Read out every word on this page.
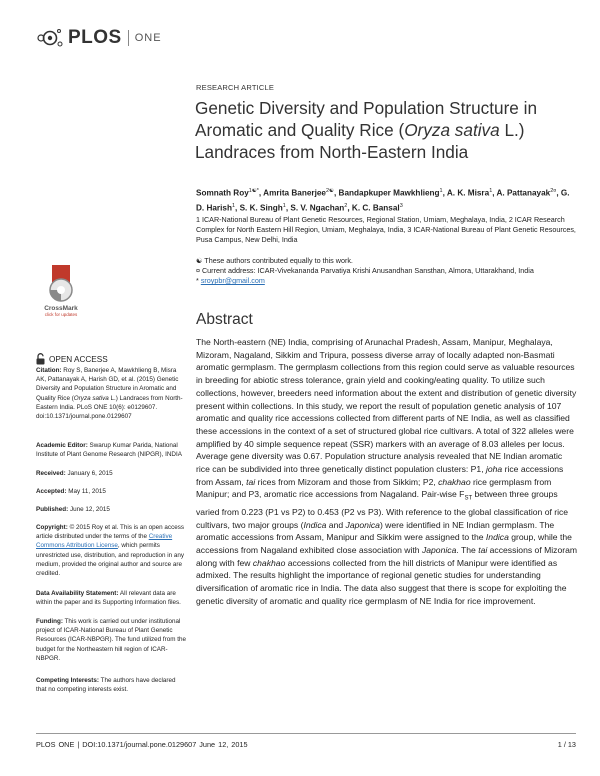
PLOS ONE
RESEARCH ARTICLE
Genetic Diversity and Population Structure in Aromatic and Quality Rice (Oryza sativa L.) Landraces from North-Eastern India
Somnath Roy$^{1☯*}$, Amrita Banerjee$^{2☯}$, Bandapkuper Mawkhlieng$^1$, A. K. Misra$^1$, A. Pattanayak$^{2¤}$, G. D. Harish$^1$, S. K. Singh$^1$, S. V. Ngachan$^2$, K. C. Bansal$^3$
1 ICAR-National Bureau of Plant Genetic Resources, Regional Station, Umiam, Meghalaya, India, 2 ICAR Research Complex for North Eastern Hill Region, Umiam, Meghalaya, India, 3 ICAR-National Bureau of Plant Genetic Resources, Pusa Campus, New Delhi, India
☯ These authors contributed equally to this work.
¤ Current address: ICAR-Vivekananda Parvatiya Krishi Anusandhan Sansthan, Almora, Uttarakhand, India
* sroypbr@gmail.com
CrossMark
click for updates
OPEN ACCESS
Citation: Roy S, Banerjee A, Mawkhlieng B, Misra AK, Pattanayak A, Harish GD, et al. (2015) Genetic Diversity and Population Structure in Aromatic and Quality Rice (Oryza sativa L.) Landraces from North-Eastern India. PLoS ONE 10(6): e0129607. doi:10.1371/journal.pone.0129607
Academic Editor: Swarup Kumar Parida, National Institute of Plant Genome Research (NIPGR), INDIA
Received: January 6, 2015
Accepted: May 11, 2015
Published: June 12, 2015
Copyright: © 2015 Roy et al. This is an open access article distributed under the terms of the Creative Commons Attribution License, which permits unrestricted use, distribution, and reproduction in any medium, provided the original author and source are credited.
Data Availability Statement: All relevant data are within the paper and its Supporting Information files.
Funding: This work is carried out under institutional project of ICAR-National Bureau of Plant Genetic Resources (ICAR-NBPGR). The fund utilized from the budget for the Northeastern hill region of ICAR-NBPGR.
Competing Interests: The authors have declared that no competing interests exist.
Abstract
The North-eastern (NE) India, comprising of Arunachal Pradesh, Assam, Manipur, Meghalaya, Mizoram, Nagaland, Sikkim and Tripura, possess diverse array of locally adapted non-Basmati aromatic germplasm. The germplasm collections from this region could serve as valuable resources in breeding for abiotic stress tolerance, grain yield and cooking/eating quality. To utilize such collections, however, breeders need information about the extent and distribution of genetic diversity present within collections. In this study, we report the result of population genetic analysis of 107 aromatic and quality rice accessions collected from different parts of NE India, as well as classified these accessions in the context of a set of structured global rice cultivars. A total of 322 alleles were amplified by 40 simple sequence repeat (SSR) markers with an average of 8.03 alleles per locus. Average gene diversity was 0.67. Population structure analysis revealed that NE Indian aromatic rice can be subdivided into three genetically distinct population clusters: P1, joha rice accessions from Assam, tai rices from Mizoram and those from Sikkim; P2, chakhao rice germplasm from Manipur; and P3, aromatic rice accessions from Nagaland. Pair-wise $F_{ST}$ between three groups varied from 0.223 (P1 vs P2) to 0.453 (P2 vs P3). With reference to the global classification of rice cultivars, two major groups (Indica and Japonica) were identified in NE Indian germplasm. The aromatic accessions from Assam, Manipur and Sikkim were assigned to the Indica group, while the accessions from Nagaland exhibited close association with Japonica. The tai accessions of Mizoram along with few chakhao accessions collected from the hill districts of Manipur were identified as admixed. The results highlight the importance of regional genetic studies for understanding diversification of aromatic rice in India. The data also suggest that there is scope for exploiting the genetic diversity of aromatic and quality rice germplasm of NE India for rice improvement.
PLOS ONE | DOI:10.1371/journal.pone.0129607 June 12, 2015	1 / 13
